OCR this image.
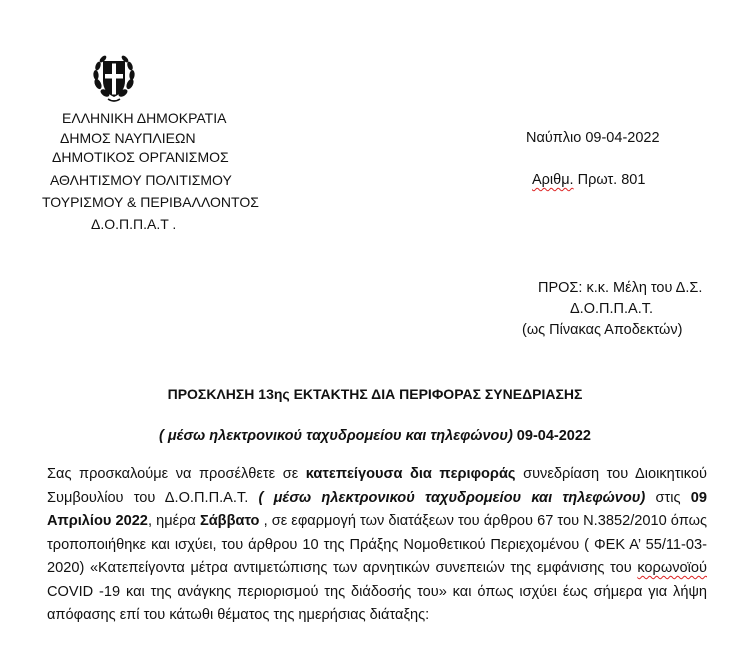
ΕΛΛΗΝΙΚΗ ΔΗΜΟΚΡΑΤΙΑ
ΔΗΜΟΣ ΝΑΥΠΛΙΕΩΝ
ΔΗΜΟΤΙΚΟΣ ΟΡΓΑΝΙΣΜΟΣ
ΑΘΛΗΤΙΣΜΟΥ ΠΟΛΙΤΙΣΜΟΥ
ΤΟΥΡΙΣΜΟΥ & ΠΕΡΙΒΑΛΛΟΝΤΟΣ
Δ.Ο.Π.Π.Α.Τ .
Ναύπλιο 09-04-2022
Αριθμ. Πρωτ. 801
ΠΡΟΣ: κ.κ. Μέλη του Δ.Σ.
Δ.Ο.Π.Π.Α.Τ.
(ως Πίνακας Αποδεκτών)
ΠΡΟΣΚΛΗΣΗ 13ης ΕΚΤΑΚΤΗΣ ΔΙΑ ΠΕΡΙΦΟΡΑΣ ΣΥΝΕΔΡΙΑΣΗΣ
( μέσω ηλεκτρονικού ταχυδρομείου και τηλεφώνου) 09-04-2022
Σας προσκαλούμε να προσέλθετε σε κατεπείγουσα δια περιφοράς συνεδρίαση του Διοικητικού Συμβουλίου του Δ.Ο.Π.Π.Α.Τ. ( μέσω ηλεκτρονικού ταχυδρομείου και τηλεφώνου) στις 09 Απριλίου 2022, ημέρα Σάββατο , σε εφαρμογή των διατάξεων του άρθρου 67 του Ν.3852/2010 όπως τροποποιήθηκε και ισχύει, του άρθρου 10 της Πράξης Νομοθετικού Περιεχομένου ( ΦΕΚ Α’ 55/11-03-2020) «Κατεπείγοντα μέτρα αντιμετώπισης των αρνητικών συνεπειών της εμφάνισης του κορωνοϊού COVID -19 και της ανάγκης περιορισμού της διάδοσής του» και όπως ισχύει έως σήμερα για λήψη απόφασης επί του κάτωθι θέματος της ημερήσιας διάταξης:
